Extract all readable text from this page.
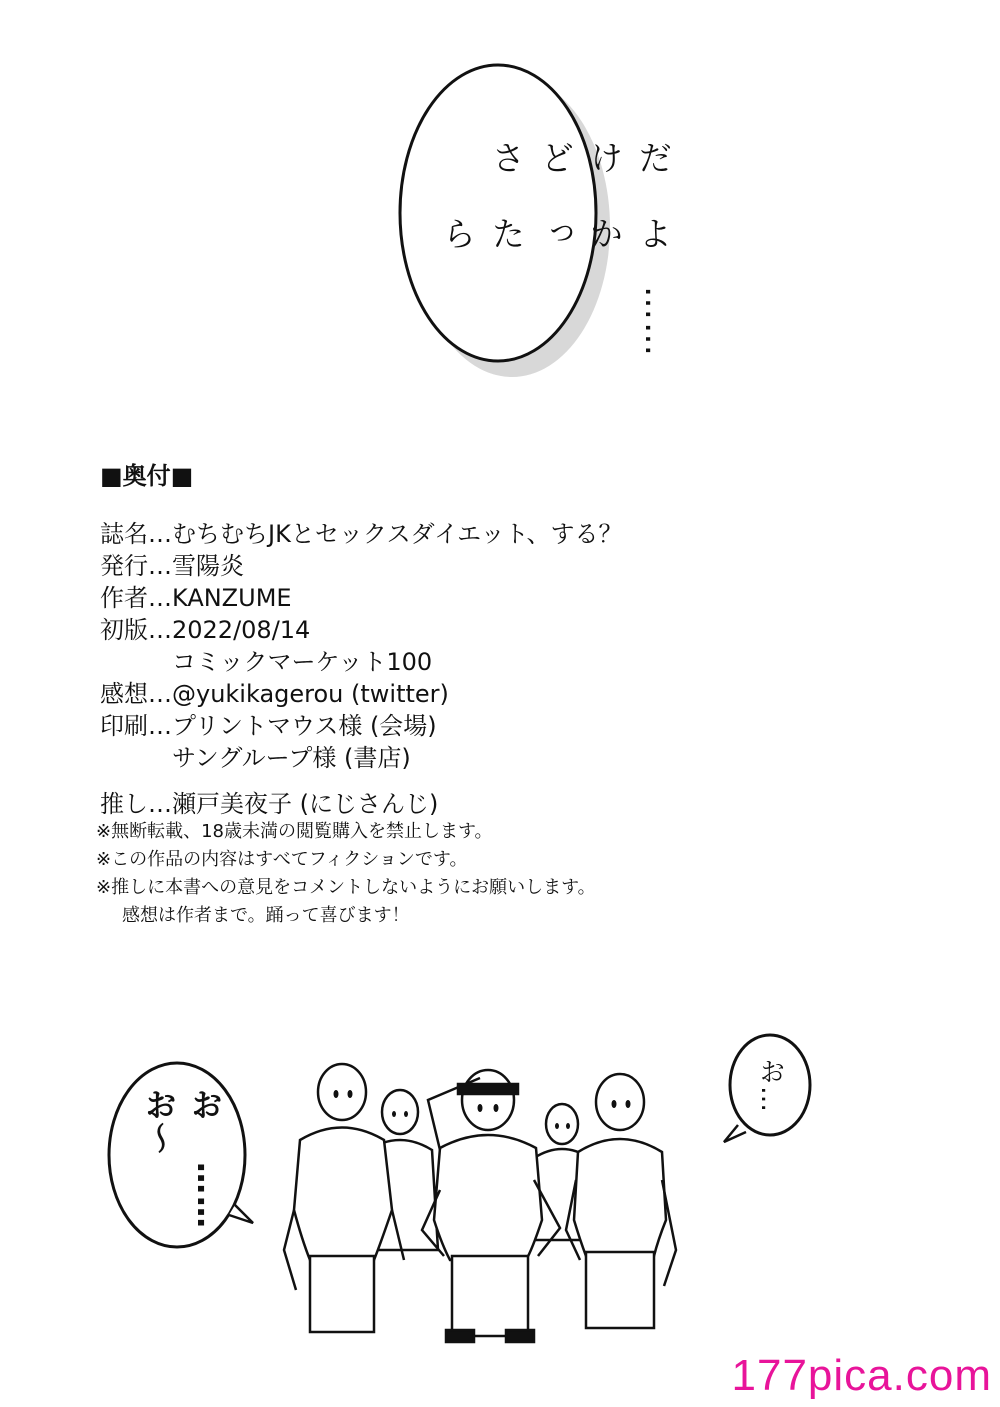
……
よかったら
だけどさ
■奥付■
誌名…むちむちJKとセックスダイエット、する？
発行…雪陽炎
作者…KANZUME
初版…2022/08/14
コミックマーケット100
感想…@yukikagerou (twitter)
印刷…プリントマウス様 (会場)
サングループ様 (書店)
推し…瀬戸美夜子 (にじさんじ)
※無断転載、18歳未満の閲覧購入を禁止します。
※この作品の内容はすべてフィクションです。
※推しに本書への意見をコメントしないようにお願いします。
感想は作者まで。踊って喜びます！
……
おお〜
お…
177pica.com
